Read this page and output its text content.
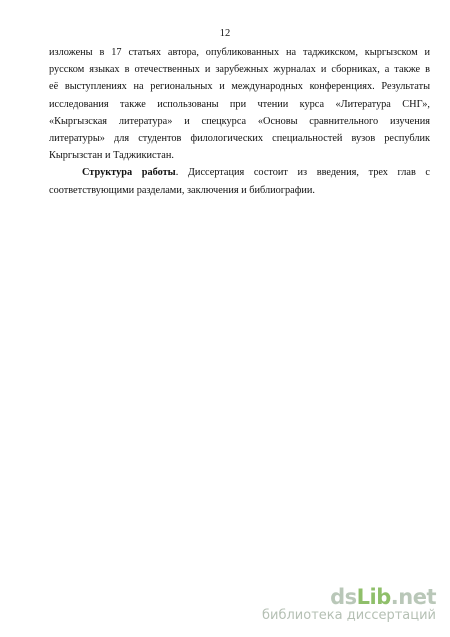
12
изложены в 17 статьях автора, опубликованных на таджикском, кыргызском и
русском языках в отечественных и зарубежных журналах и сборниках, а также в
её выступлениях на региональных и международных конференциях. Результаты
исследования также использованы при чтении курса «Литература СНГ»,
«Кыргызская литература» и спецкурса «Основы сравнительного изучения
литературы» для студентов филологических специальностей вузов республик
Кыргызстан и Таджикистан.
Структура работы. Диссертация состоит из введения, трех глав с
соответствующими разделами, заключения и библиографии.
dsLib.net
библиотека диссертаций
